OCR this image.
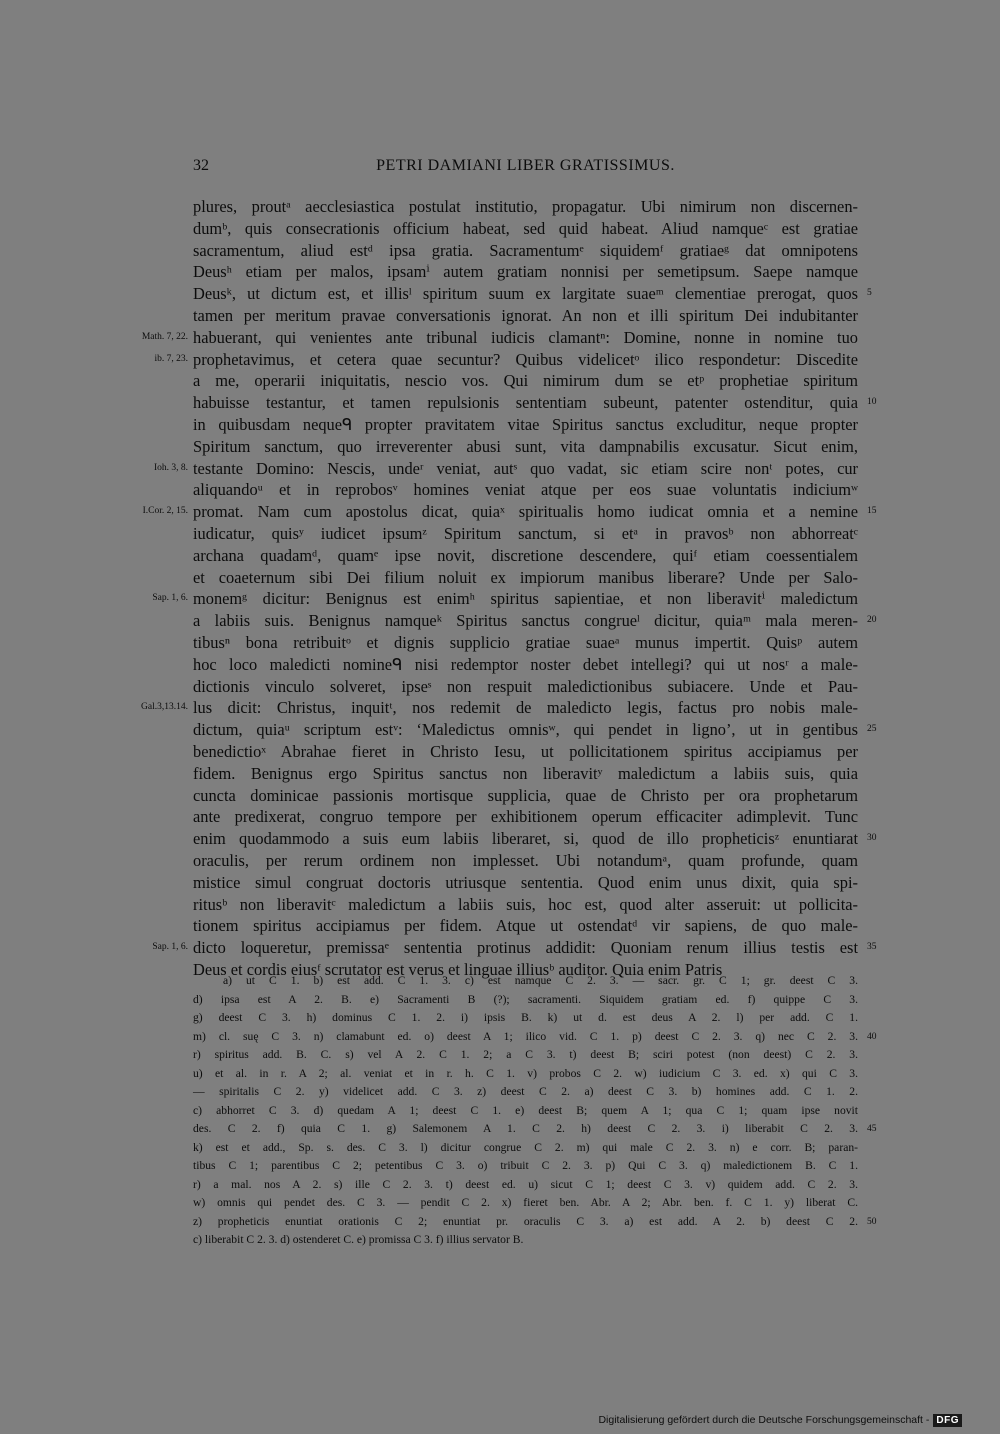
32	PETRI DAMIANI LIBER GRATISSIMUS.
plures, proutᵃ aecclesiastica postulat institutio, propagatur. Ubi nimirum non discernen-
dumᵇ, quis consecrationis officium habeat, sed quid habeat. Aliud namqueᶜ est gratiae
sacramentum, aliud estᵈ ipsa gratia. Sacramentumᵉ siquidemᶠ gratiaeᵍ dat omnipotens
Deusʰ etiam per malos, ipsamⁱ autem gratiam nonnisi per semetipsum. Saepe namque
Deusᵏ, ut dictum est, et illisˡ spiritum suum ex largitate suaeᵐ clementiae prerogat, quos 5
tamen per meritum pravae conversationis ignorat. An non et illi spiritum Dei indubitanter
Math. 7, 22. habuerant, qui venientes ante tribunal iudicis clamantⁿ: Domine, nonne in nomine tuo
ib. 7, 23. prophetavimus, et cetera quae secuntur? Quibus videlicetᵒ ilico respondetur: Discedite
a me, operarii iniquitatis, nescio vos. Qui nimirum dum se etᵖ prophetiae spiritum
habuisse testantur, et tamen repulsionis sententiam subeunt, patenter ostenditur, quia 10
in quibusdam nequeᑫ propter pravitatem vitae Spiritus sanctus excluditur, neque propter
Spiritum sanctum, quo irreverenter abusi sunt, vita dampnabilis excusatur. Sicut enim,
Ioh. 3, 8. testante Domino: Nescis, undeʳ veniat, autˢ quo vadat, sic etiam scire nonᵗ potes, cur
aliquandoᵘ et in reprobosᵛ homines veniat atque per eos suae voluntatis indiciumʷ
I.Cor. 2, 15. promat. Nam cum apostolus dicat, quiaˣ spiritualis homo iudicat omnia et a nemine 15
iudicatur, quisʸ iudicet ipsumᶻ Spiritum sanctum, si etᵃ in pravosᵇ non abhorreatᶜ
archana quadamᵈ, quamᵉ ipse novit, discretione descendere, quiᶠ etiam coessentialem
et coaeternum sibi Dei filium noluit ex impiorum manibus liberare? Unde per Salo-
Sap. 1, 6. monemᵍ dicitur: Benignus est enimʰ spiritus sapientiae, et non liberavitⁱ maledictum
a labiis suis. Benignus namqueᵏ Spiritus sanctus congrueˡ dicitur, quiaᵐ mala meren- 20
tibusⁿ bona retribuitᵒ et dignis supplicio gratiae suaeᵃ munus impertit. Quisᵖ autem
hoc loco maledicti nomineᑫ nisi redemptor noster debet intellegi? qui ut nosʳ a male-
dictionis vinculo solveret, ipseˢ non respuit maledictionibus subiacere. Unde et Pau-
Gal.3,13.14. lus dicit: Christus, inquitᵗ, nos redemit de maledicto legis, factus pro nobis male-
dictum, quiaᵘ scriptum estᵛ: ‘Maledictus omnisʷ, qui pendet in ligno’, ut in gentibus 25
benedictioˣ Abrahae fieret in Christo Iesu, ut pollicitationem spiritus accipiamus per
fidem. Benignus ergo Spiritus sanctus non liberavitʸ maledictum a labiis suis, quia
cuncta dominicae passionis mortisque supplicia, quae de Christo per ora prophetarum
ante predixerat, congruo tempore per exhibitionem operum efficaciter adimplevit. Tunc
enim quodammodo a suis eum labiis liberaret, si, quod de illo propheticisᶻ enuntiarat 30
oraculis, per rerum ordinem non implesset. Ubi notandumᵃ, quam profunde, quam
mistice simul congruat doctoris utriusque sententia. Quod enim unus dixit, quia spi-
ritusᵇ non liberavitᶜ maledictum a labiis suis, hoc est, quod alter asseruit: ut pollicita-
tionem spiritus accipiamus per fidem. Atque ut ostendatᵈ vir sapiens, de quo male-
Sap. 1, 6. dicto loqueretur, premissaᵉ sententia protinus addidit: Quoniam renum illius testis est 35
Deus et cordis eiusᶠ scrutator est verus et linguae illiusᵇ auditor. Quia enim Patris
a) ut C 1. b) est add. C 1. 3. c) est namque C 2. 3. — sacr. gr. C 1; gr. deest C 3.
d) ipsa est A 2. B. e) Sacramenti B (?); sacramenti. Siquidem gratiam ed. f) quippe C 3.
g) deest C 3. h) dominus C 1. 2. i) ipsis B. k) ut d. est deus A 2. l) per add. C 1.
m) cl. suę C 3. n) clamabunt ed. o) deest A 1; ilico vid. C 1. p) deest C 2. 3. q) nec C 2. 3. 40
r) spiritus add. B. C. s) vel A 2. C 1. 2; a C 3. t) deest B; sciri potest (non deest) C 2. 3.
u) et al. in r. A 2; al. veniat et in r. h. C 1. v) probos C 2. w) iudicium C 3. ed. x) qui C 3.
— spiritalis C 2. y) videlicet add. C 3. z) deest C 2. a) deest C 3. b) homines add. C 1. 2.
c) abhorret C 3. d) quedam A 1; deest C 1. e) deest B; quem A 1; qua C 1; quam ipse novit
des. C 2. f) quia C 1. g) Salemonem A 1. C 2. h) deest C 2. 3. i) liberabit C 2. 3. 45
k) est et add., Sp. s. des. C 3. l) dicitur congrue C 2. m) qui male C 2. 3. n) e corr. B; paran-
tibus C 1; parentibus C 2; petentibus C 3. o) tribuit C 2. 3. p) Qui C 3. q) maledictionem B. C 1.
r) a mal. nos A 2. s) ille C 2. 3. t) deest ed. u) sicut C 1; deest C 3. v) quidem add. C 2. 3.
w) omnis qui pendet des. C 3. — pendit C 2. x) fieret ben. Abr. A 2; Abr. ben. f. C 1. y) liberat C.
z) propheticis enuntiat orationis C 2; enuntiat pr. oraculis C 3. a) est add. A 2. b) deest C 2. 50
c) liberabit C 2. 3. d) ostenderet C. e) promissa C 3. f) illius servator B.
Digitalisierung gefördert durch die Deutsche Forschungsgemeinschaft - DFG
